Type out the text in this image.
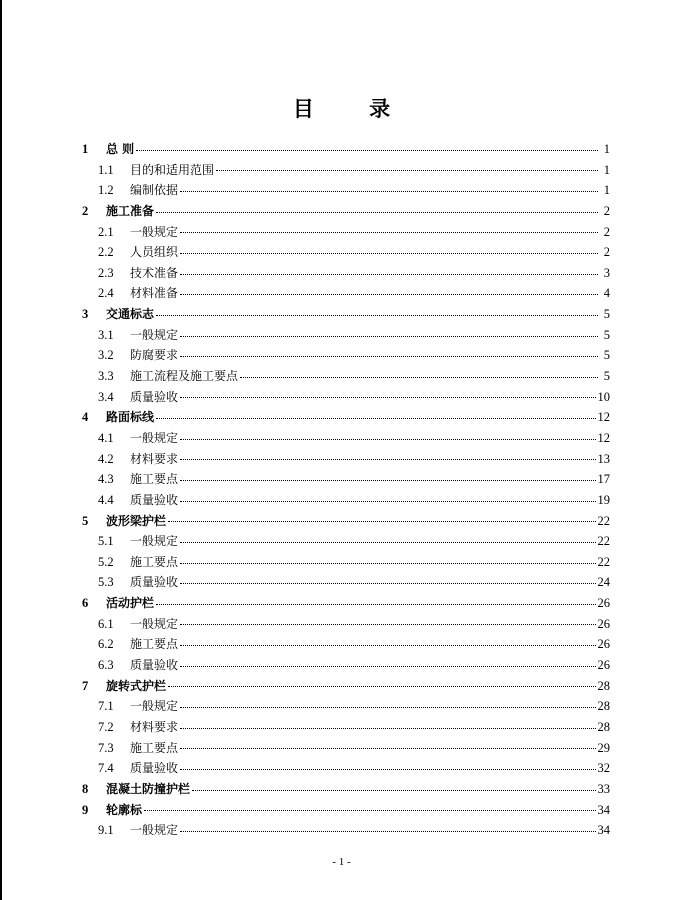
目 录
1	总 则	1
1.1	目的和适用范围	1
1.2	编制依据	1
2	施工准备	2
2.1	一般规定	2
2.2	人员组织	2
2.3	技术准备	3
2.4	材料准备	4
3	交通标志	5
3.1	一般规定	5
3.2	防腐要求	5
3.3	施工流程及施工要点	5
3.4	质量验收	10
4	路面标线	12
4.1	一般规定	12
4.2	材料要求	13
4.3	施工要点	17
4.4	质量验收	19
5	波形梁护栏	22
5.1	一般规定	22
5.2	施工要点	22
5.3	质量验收	24
6	活动护栏	26
6.1	一般规定	26
6.2	施工要点	26
6.3	质量验收	26
7	旋转式护栏	28
7.1	一般规定	28
7.2	材料要求	28
7.3	施工要点	29
7.4	质量验收	32
8	混凝土防撞护栏	33
9	轮廓标	34
9.1	一般规定	34
- 1 -
